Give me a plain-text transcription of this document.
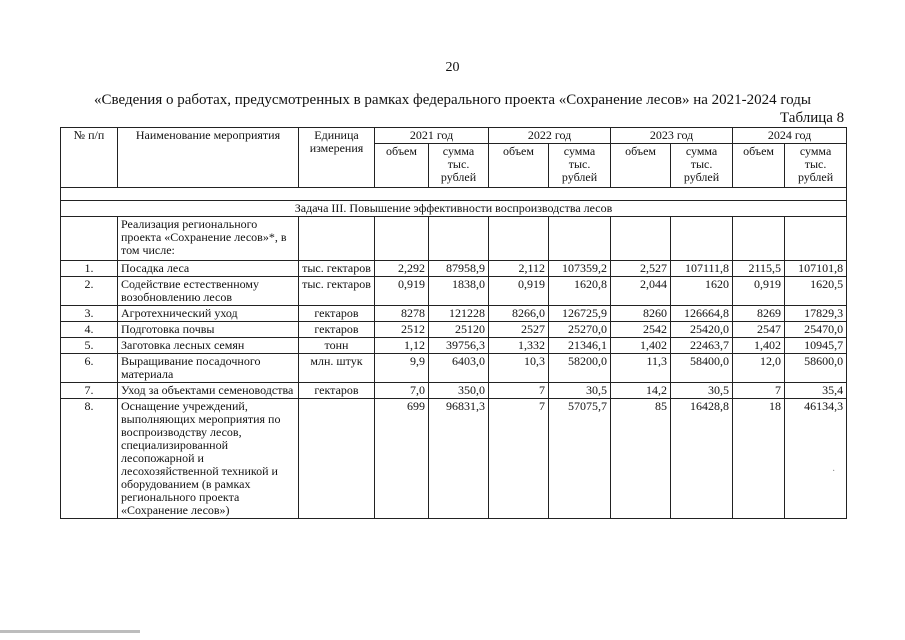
20
«Сведения о работах, предусмотренных в рамках федерального проекта «Сохранение лесов» на 2021-2024 годы
Таблица 8
№ п/п	Наименование мероприятия	Единица измерения	2021 год		2022 год		2023 год		2024 год	
			объем	сумма тыс. рублей	объем	сумма тыс. рублей	объем	сумма тыс. рублей	объем	сумма тыс. рублей

Задача III. Повышение эффективности воспроизводства лесов										
	Реализация регионального проекта «Сохранение лесов»*, в том числе:									
1.	Посадка леса	тыс. гектаров	2,292	87958,9	2,112	107359,2	2,527	107111,8	2115,5	107101,8
2.	Содействие естественному возобновлению лесов	тыс. гектаров	0,919	1838,0	0,919	1620,8	2,044	1620	0,919	1620,5
3.	Агротехнический уход	гектаров	8278	121228	8266,0	126725,9	8260	126664,8	8269	17829,3
4.	Подготовка почвы	гектаров	2512	25120	2527	25270,0	2542	25420,0	2547	25470,0
5.	Заготовка лесных семян	тонн	1,12	39756,3	1,332	21346,1	1,402	22463,7	1,402	10945,7
6.	Выращивание посадочного материала	млн. штук	9,9	6403,0	10,3	58200,0	11,3	58400,0	12,0	58600,0
7.	Уход за объектами семеноводства	гектаров	7,0	350,0	7	30,5	14,2	30,5	7	35,4
8.	Оснащение учреждений, выполняющих мероприятия по воспроизводству лесов, специализированной лесопожарной и лесохозяйственной техникой и оборудованием (в рамках регионального проекта «Сохранение лесов»)		699	96831,3	7	57075,7	85	16428,8	18	46134,3
·
